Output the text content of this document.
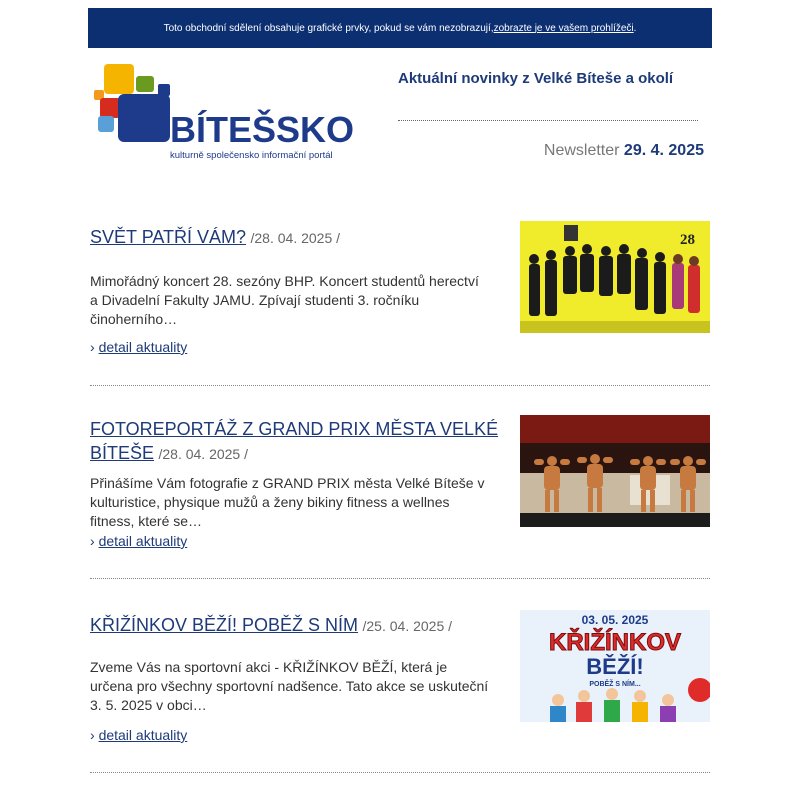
Toto obchodní sdělení obsahuje grafické prvky, pokud se vám nezobrazují, zobrazte je ve vašem prohlížeči .
BÍTEŠSKO
kulturně společensko informační portál
Aktuální novinky z Velké Bíteše a okolí
Newsletter 29. 4. 2025
SVĚT PATŘÍ VÁM? /28. 04. 2025 /
Mimořádný koncert 28. sezóny BHP. Koncert studentů herectví a Divadelní Fakulty JAMU. Zpívají studenti 3. ročníku činoherního…
› detail aktuality
28
FOTOREPORTÁŽ Z GRAND PRIX MĚSTA VELKÉ BÍTEŠE /28. 04. 2025 /
Přinášíme Vám fotografie z GRAND PRIX města Velké Bíteše v kulturistice, physique mužů a ženy bikiny fitness a wellnes fitness, které se…
› detail aktuality
KŘIŽÍNKOV BĚŽÍ! POBĚŽ S NÍM /25. 04. 2025 /
Zveme Vás na sportovní akci - KŘIŽÍNKOV BĚŽÍ, která je určena pro všechny sportovní nadšence. Tato akce se uskuteční 3. 5. 2025 v obci…
› detail aktuality
03. 05. 2025
KŘIŽÍNKOV
BĚŽÍ!
POBĚŽ S NÍM...
